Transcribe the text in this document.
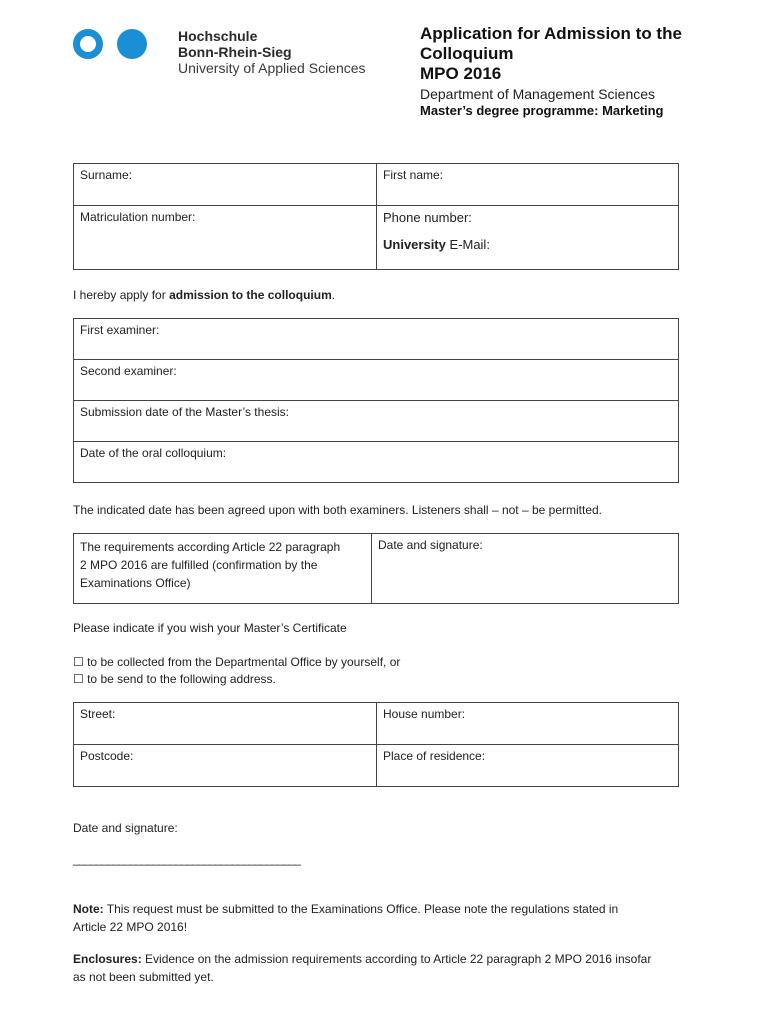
Hochschule
Bonn-Rhein-Sieg
University of Applied Sciences
Application for Admission to the
Colloquium
MPO 2016
Department of Management Sciences
Master’s degree programme: Marketing
Surname:	First name:
Matriculation number:	Phone number:
University E-Mail:
I hereby apply for admission to the colloquium.
First examiner:
Second examiner:
Submission date of the Master’s thesis:
Date of the oral colloquium:
The indicated date has been agreed upon with both examiners. Listeners shall – not – be permitted.
The requirements according Article 22 paragraph
2 MPO 2016 are fulfilled (confirmation by the
Examinations Office)
	Date and signature:
Please indicate if you wish your Master’s Certificate
☐ to be collected from the Departmental Office by yourself, or
☐ to be send to the following address.
Street:	House number:
Postcode:	Place of residence:
Date and signature:
________________________________________
Note: This request must be submitted to the Examinations Office. Please note the regulations stated in
Article 22 MPO 2016!
Enclosures: Evidence on the admission requirements according to Article 22 paragraph 2 MPO 2016 insofar
as not been submitted yet.
